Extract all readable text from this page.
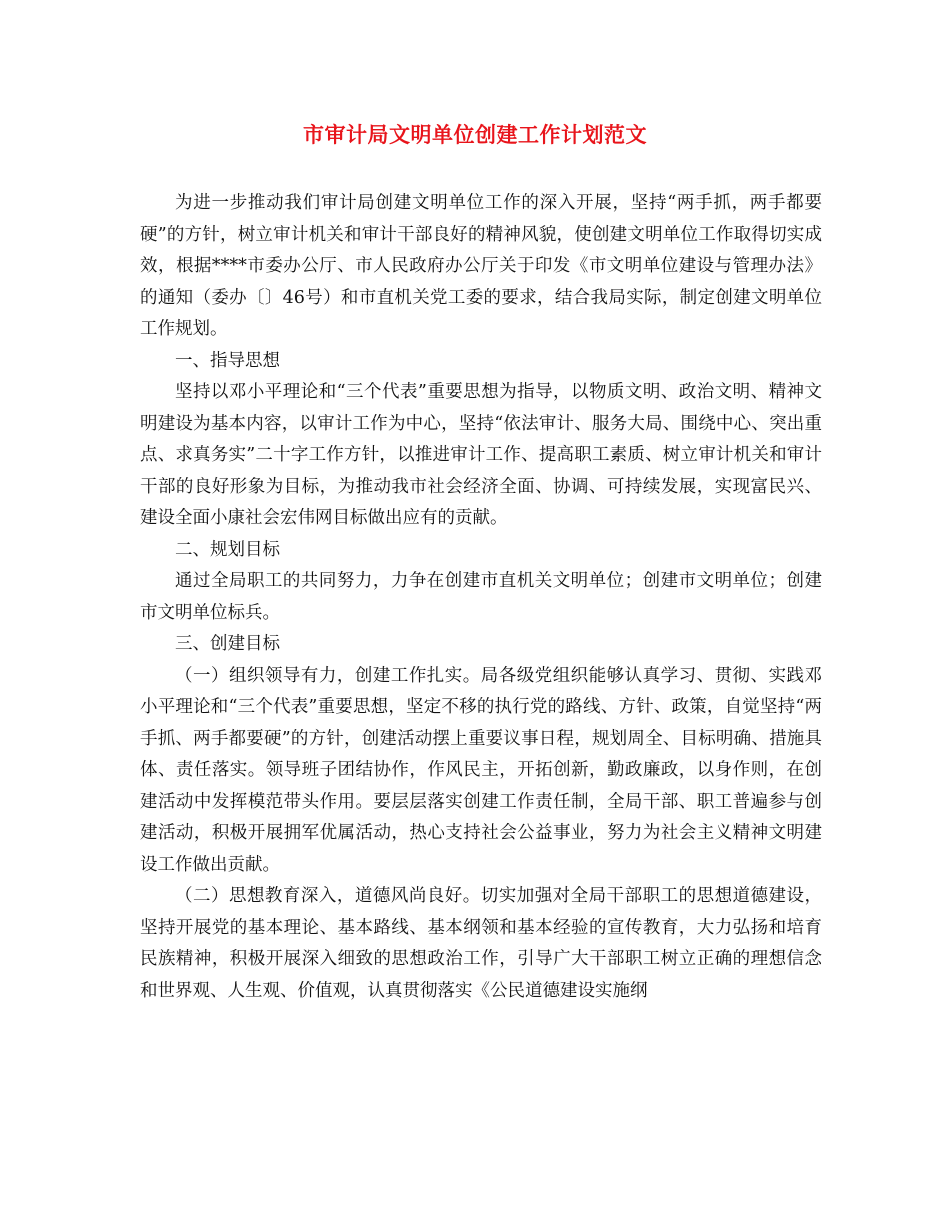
市审计局文明单位创建工作计划范文

为进一步推动我们审计局创建文明单位工作的深入开展，坚持“两手抓，两手都要硬”的方针，树立审计机关和审计干部良好的精神风貌，使创建文明单位工作取得切实成效，根据****市委办公厅、市人民政府办公厅关于印发《市文明单位建设与管理办法》的通知（委办〔〕46号）和市直机关党工委的要求，结合我局实际，制定创建文明单位工作规划。

一、指导思想

坚持以邓小平理论和“三个代表”重要思想为指导，以物质文明、政治文明、精神文明建设为基本内容，以审计工作为中心，坚持“依法审计、服务大局、围绕中心、突出重点、求真务实”二十字工作方针，以推进审计工作、提高职工素质、树立审计机关和审计干部的良好形象为目标，为推动我市社会经济全面、协调、可持续发展，实现富民兴、建设全面小康社会宏伟网目标做出应有的贡献。

二、规划目标

通过全局职工的共同努力，力争在创建市直机关文明单位；创建市文明单位；创建市文明单位标兵。

三、创建目标

（一）组织领导有力，创建工作扎实。局各级党组织能够认真学习、贯彻、实践邓小平理论和“三个代表”重要思想，坚定不移的执行党的路线、方针、政策，自觉坚持“两手抓、两手都要硬”的方针，创建活动摆上重要议事日程，规划周全、目标明确、措施具体、责任落实。领导班子团结协作，作风民主，开拓创新，勤政廉政，以身作则，在创建活动中发挥模范带头作用。要层层落实创建工作责任制，全局干部、职工普遍参与创建活动，积极开展拥军优属活动，热心支持社会公益事业，努力为社会主义精神文明建设工作做出贡献。

（二）思想教育深入，道德风尚良好。切实加强对全局干部职工的思想道德建设，坚持开展党的基本理论、基本路线、基本纲领和基本经验的宣传教育，大力弘扬和培育民族精神，积极开展深入细致的思想政治工作，引导广大干部职工树立正确的理想信念和世界观、人生观、价值观，认真贯彻落实《公民道德建设实施纲
